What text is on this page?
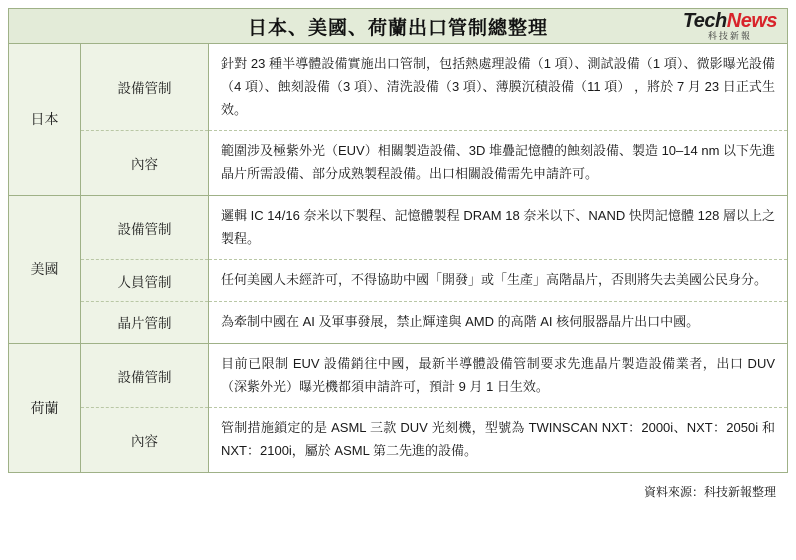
日本、美國、荷蘭出口管制總整理	TechNews
科技新報
日本	設備管制	針對 23 種半導體設備實施出口管制，包括熱處理設備（1 項）、測試設備（1 項）、微影曝光設備（4 項）、蝕刻設備（3 項）、清洗設備（3 項）、薄膜沉積設備（11 項） ，將於 7 月 23 日正式生效。
	內容	範圍涉及極紫外光（EUV）相關製造設備、3D 堆疊記憶體的蝕刻設備、製造 10–14 nm 以下先進晶片所需設備、部分成熟製程設備。出口相關設備需先申請許可。
美國	設備管制	邏輯 IC 14/16 奈米以下製程、記憶體製程 DRAM 18 奈米以下、NAND 快閃記憶體 128 層以上之製程。
	人員管制	任何美國人未經許可，不得協助中國「開發」或「生產」高階晶片，否則將失去美國公民身分。
	晶片管制	為牽制中國在 AI 及軍事發展，禁止輝達與 AMD 的高階 AI 核伺服器晶片出口中國。
荷蘭	設備管制	目前已限制 EUV 設備銷往中國，最新半導體設備管制要求先進晶片製造設備業者，出口 DUV（深紫外光）曝光機都須申請許可，預計 9 月 1 日生效。
	內容	管制措施鎖定的是 ASML 三款 DUV 光刻機，型號為 TWINSCAN NXT：2000i、NXT：2050i 和 NXT：2100i，屬於 ASML 第二先進的設備。
資料來源：科技新報整理
